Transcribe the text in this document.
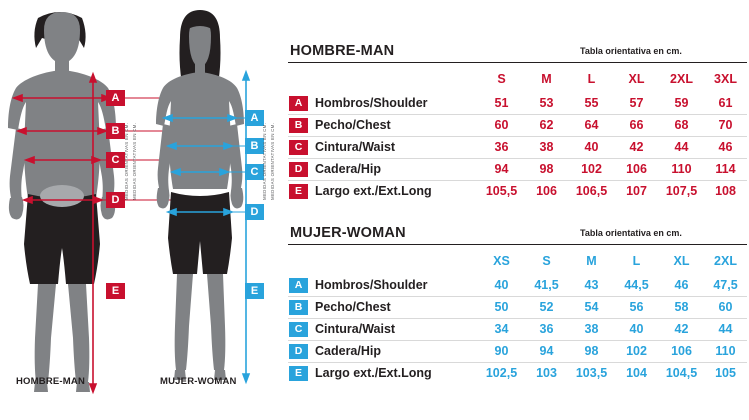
A
B
C
D
E
A
B
C
D
E
MEDIDAS ORIENTATIVAS EN CM. MEDIDAS ORIENTATIVAS EN CM.	MEDIDAS ORIENTATIVAS EN CM. MEDIDAS ORIENTATIVAS EN CM.
HOMBRE-MAN	MUJER-WOMAN
HOMBRE-MAN	Tabla orientativa en cm.
		S	M	L	XL	2XL	3XL
A	Hombros/Shoulder	51	53	55	57	59	61
B	Pecho/Chest	60	62	64	66	68	70
C	Cintura/Waist	36	38	40	42	44	46
D	Cadera/Hip	94	98	102	106	110	114
E	Largo ext./Ext.Long	105,5	106	106,5	107	107,5	108
MUJER-WOMAN	Tabla orientativa en cm.
		XS	S	M	L	XL	2XL
A	Hombros/Shoulder	40	41,5	43	44,5	46	47,5
B	Pecho/Chest	50	52	54	56	58	60
C	Cintura/Waist	34	36	38	40	42	44
D	Cadera/Hip	90	94	98	102	106	110
E	Largo ext./Ext.Long	102,5	103	103,5	104	104,5	105
